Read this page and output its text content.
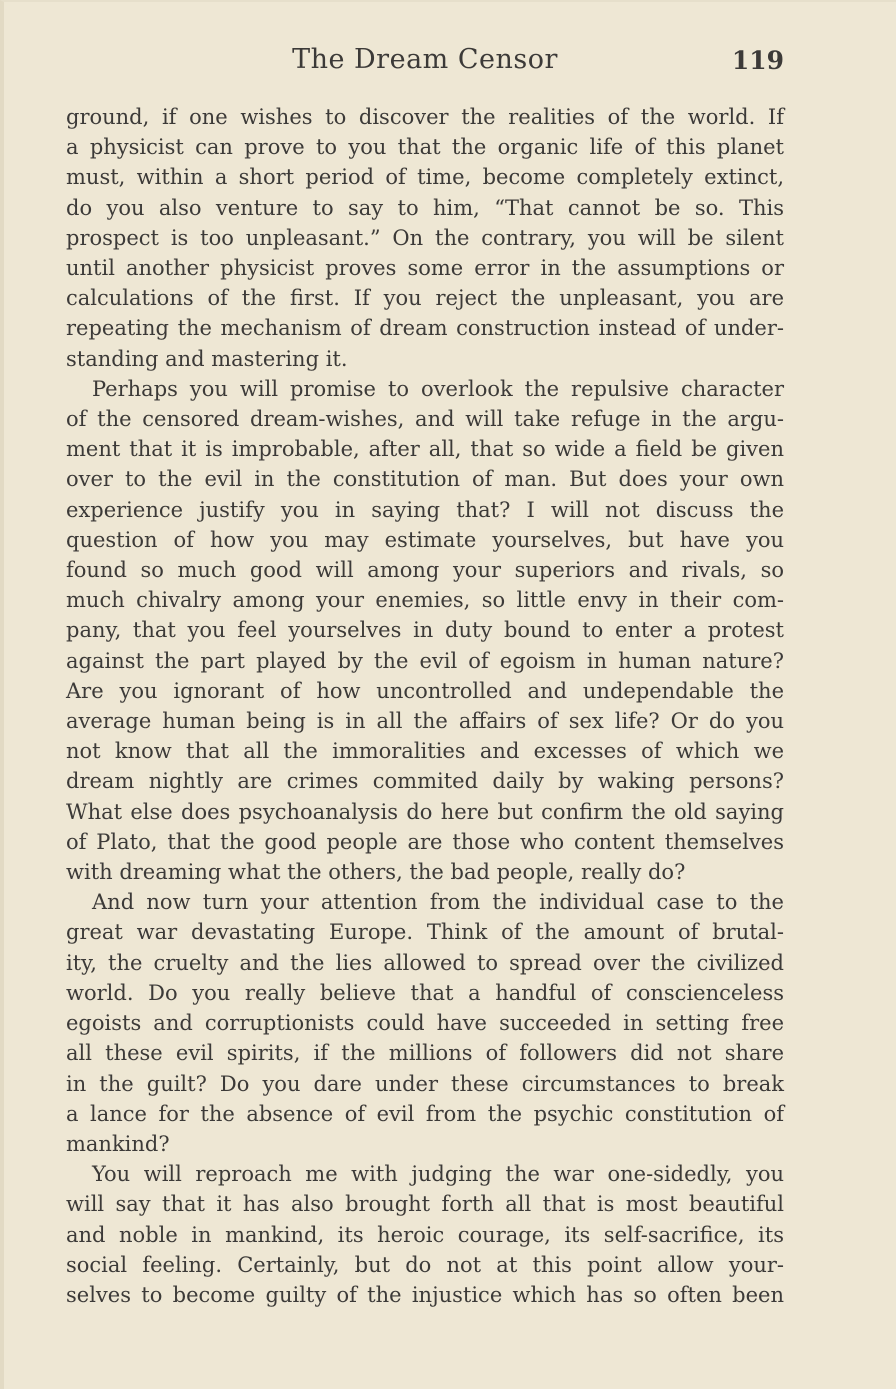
The Dream Censor	119
ground, if one wishes to discover the realities of the world. If
a physicist can prove to you that the organic life of this planet
must, within a short period of time, become completely extinct,
do you also venture to say to him, “That cannot be so. This
prospect is too unpleasant.” On the contrary, you will be silent
until another physicist proves some error in the assumptions or
calculations of the first. If you reject the unpleasant, you are
repeating the mechanism of dream construction instead of under-
standing and mastering it.
Perhaps you will promise to overlook the repulsive character
of the censored dream-wishes, and will take refuge in the argu-
ment that it is improbable, after all, that so wide a field be given
over to the evil in the constitution of man. But does your own
experience justify you in saying that? I will not discuss the
question of how you may estimate yourselves, but have you
found so much good will among your superiors and rivals, so
much chivalry among your enemies, so little envy in their com-
pany, that you feel yourselves in duty bound to enter a protest
against the part played by the evil of egoism in human nature?
Are you ignorant of how uncontrolled and undependable the
average human being is in all the affairs of sex life? Or do you
not know that all the immoralities and excesses of which we
dream nightly are crimes commited daily by waking persons?
What else does psychoanalysis do here but confirm the old saying
of Plato, that the good people are those who content themselves
with dreaming what the others, the bad people, really do?
And now turn your attention from the individual case to the
great war devastating Europe. Think of the amount of brutal-
ity, the cruelty and the lies allowed to spread over the civilized
world. Do you really believe that a handful of conscienceless
egoists and corruptionists could have succeeded in setting free
all these evil spirits, if the millions of followers did not share
in the guilt? Do you dare under these circumstances to break
a lance for the absence of evil from the psychic constitution of
mankind?
You will reproach me with judging the war one-sidedly, you
will say that it has also brought forth all that is most beautiful
and noble in mankind, its heroic courage, its self-sacrifice, its
social feeling. Certainly, but do not at this point allow your-
selves to become guilty of the injustice which has so often been
